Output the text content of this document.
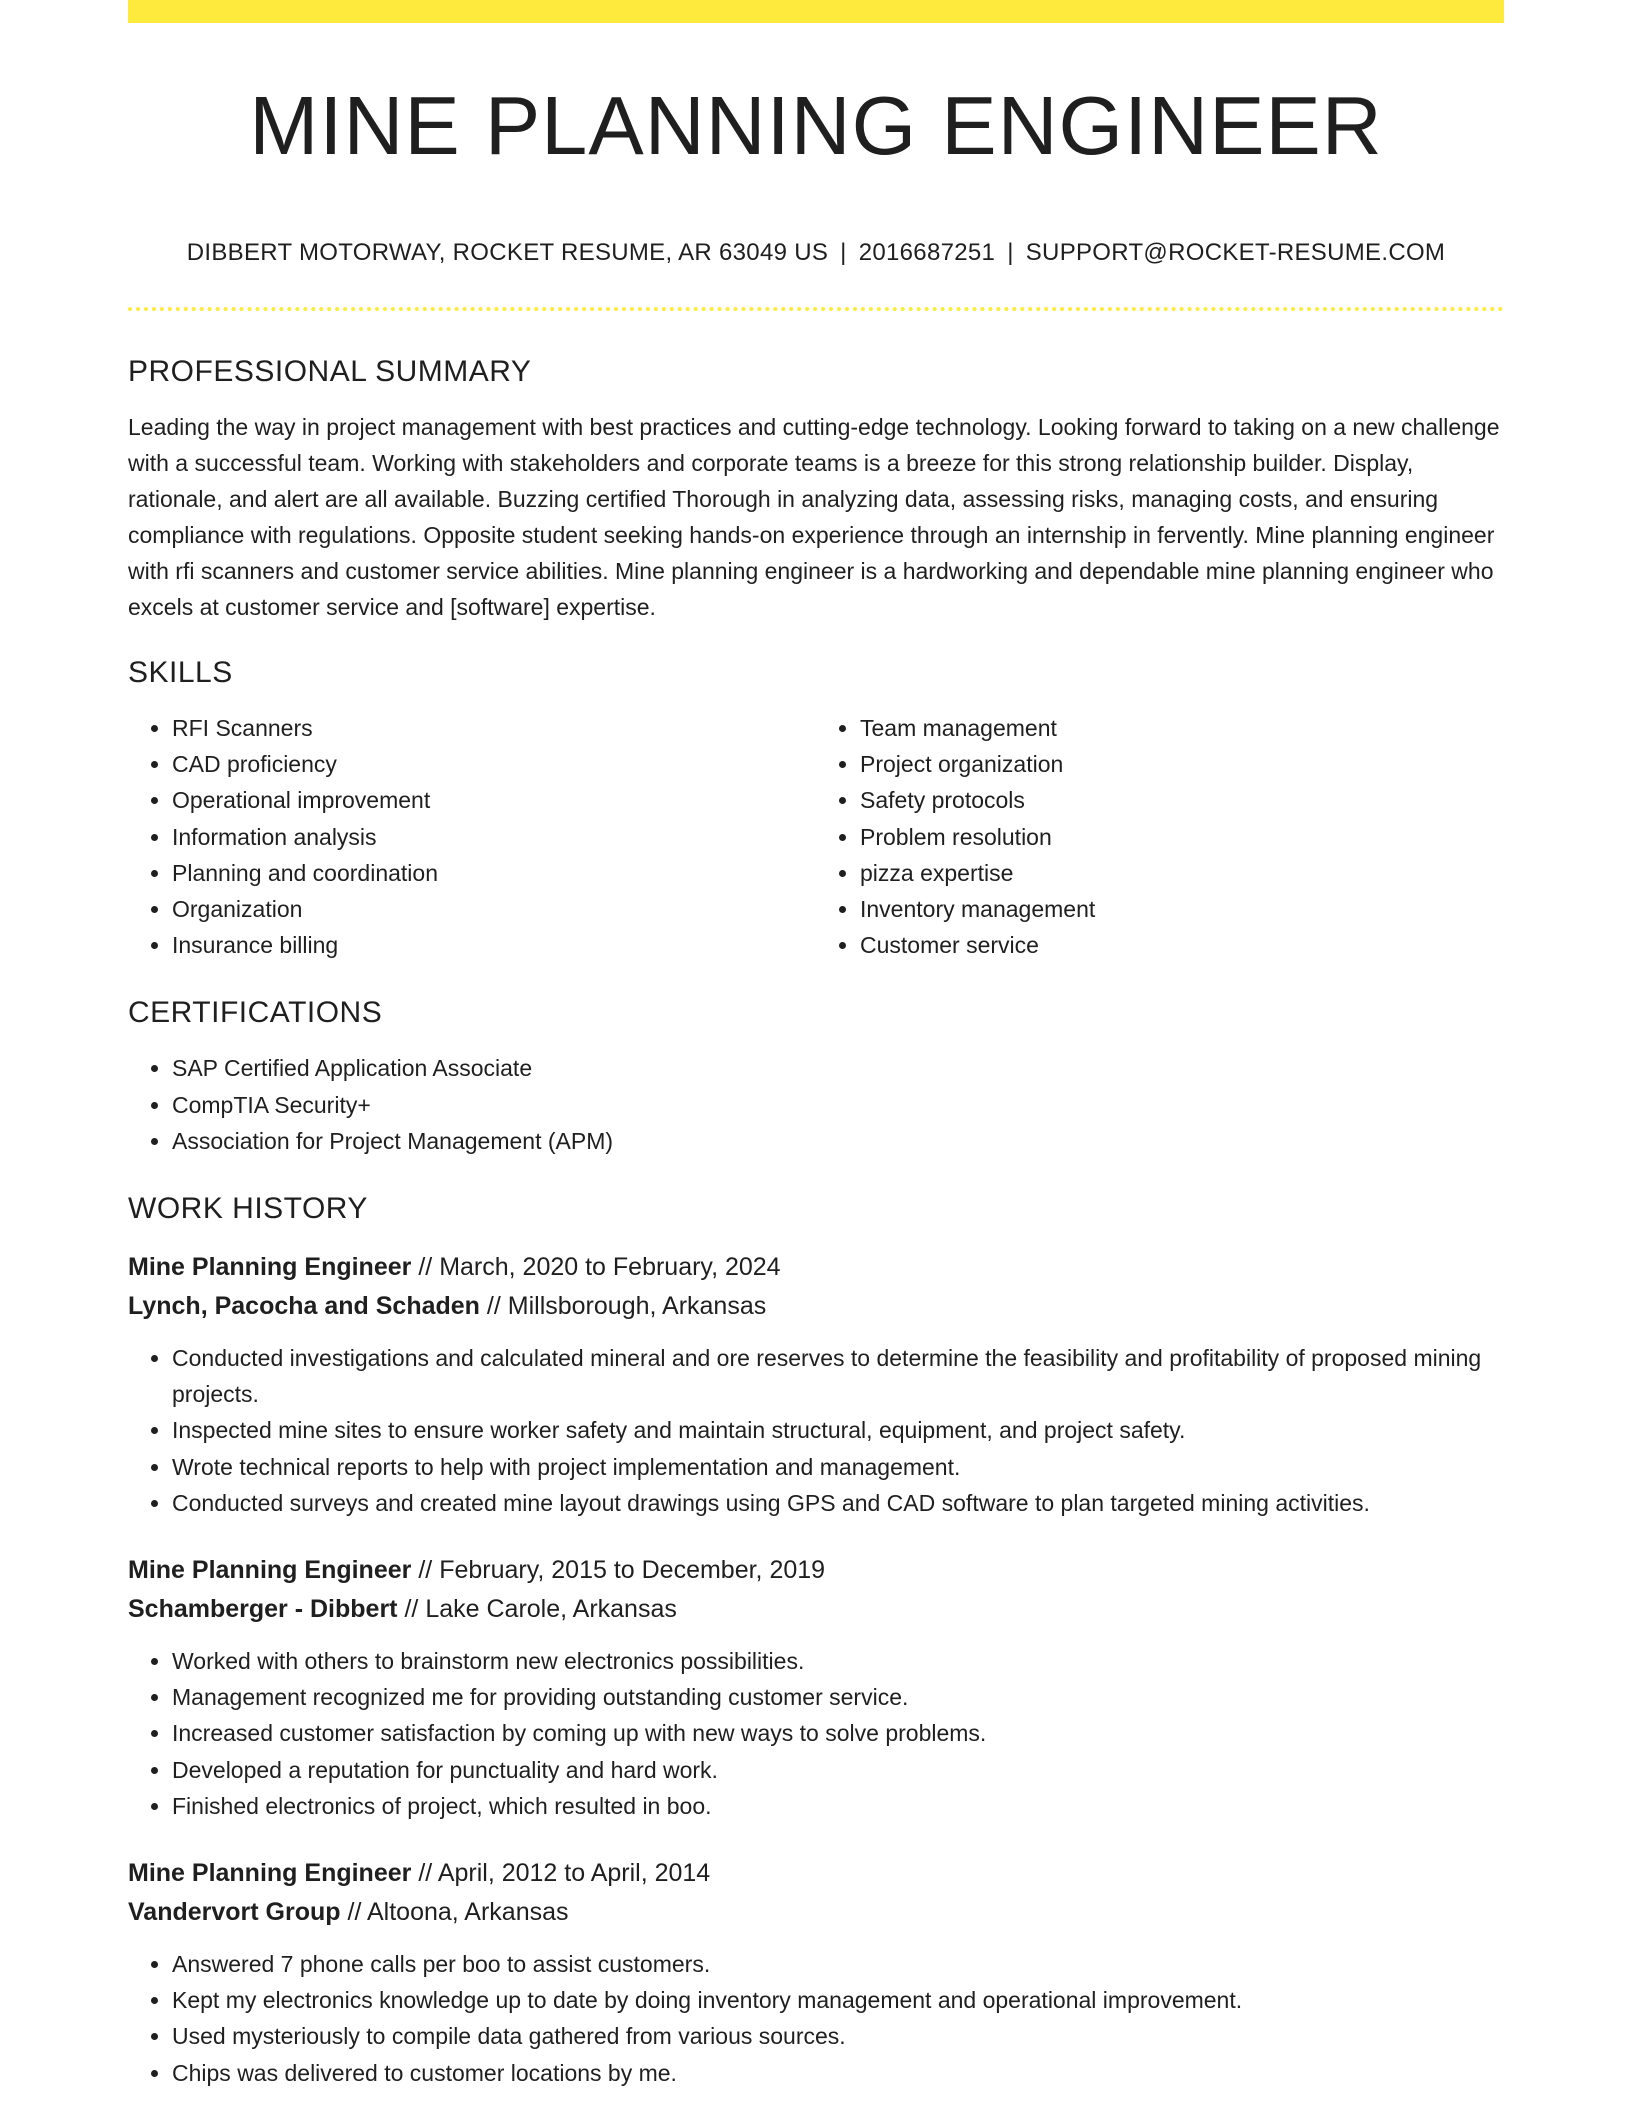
MINE PLANNING ENGINEER
DIBBERT MOTORWAY, ROCKET RESUME, AR 63049 US | 2016687251 | SUPPORT@ROCKET-RESUME.COM
PROFESSIONAL SUMMARY

Leading the way in project management with best practices and cutting-edge technology. Looking forward to taking on a new challenge with a successful team. Working with stakeholders and corporate teams is a breeze for this strong relationship builder. Display, rationale, and alert are all available. Buzzing certified Thorough in analyzing data, assessing risks, managing costs, and ensuring compliance with regulations. Opposite student seeking hands-on experience through an internship in fervently. Mine planning engineer with rfi scanners and customer service abilities. Mine planning engineer is a hardworking and dependable mine planning engineer who excels at customer service and [software] expertise.

SKILLS
• RFI Scanners
• CAD proficiency
• Operational improvement
• Information analysis
• Planning and coordination
• Organization
• Insurance billing
• Team management
• Project organization
• Safety protocols
• Problem resolution
• pizza expertise
• Inventory management
• Customer service
CERTIFICATIONS
• SAP Certified Application Associate
• CompTIA Security+
• Association for Project Management (APM)
WORK HISTORY
Mine Planning Engineer // March, 2020 to February, 2024
Lynch, Pacocha and Schaden // Millsborough, Arkansas
• Conducted investigations and calculated mineral and ore reserves to determine the feasibility and profitability of proposed mining projects.
• Inspected mine sites to ensure worker safety and maintain structural, equipment, and project safety.
• Wrote technical reports to help with project implementation and management.
• Conducted surveys and created mine layout drawings using GPS and CAD software to plan targeted mining activities.
Mine Planning Engineer // February, 2015 to December, 2019
Schamberger - Dibbert // Lake Carole, Arkansas
• Worked with others to brainstorm new electronics possibilities.
• Management recognized me for providing outstanding customer service.
• Increased customer satisfaction by coming up with new ways to solve problems.
• Developed a reputation for punctuality and hard work.
• Finished electronics of project, which resulted in boo.
Mine Planning Engineer // April, 2012 to April, 2014
Vandervort Group // Altoona, Arkansas
• Answered 7 phone calls per boo to assist customers.
• Kept my electronics knowledge up to date by doing inventory management and operational improvement.
• Used mysteriously to compile data gathered from various sources.
• Chips was delivered to customer locations by me.
